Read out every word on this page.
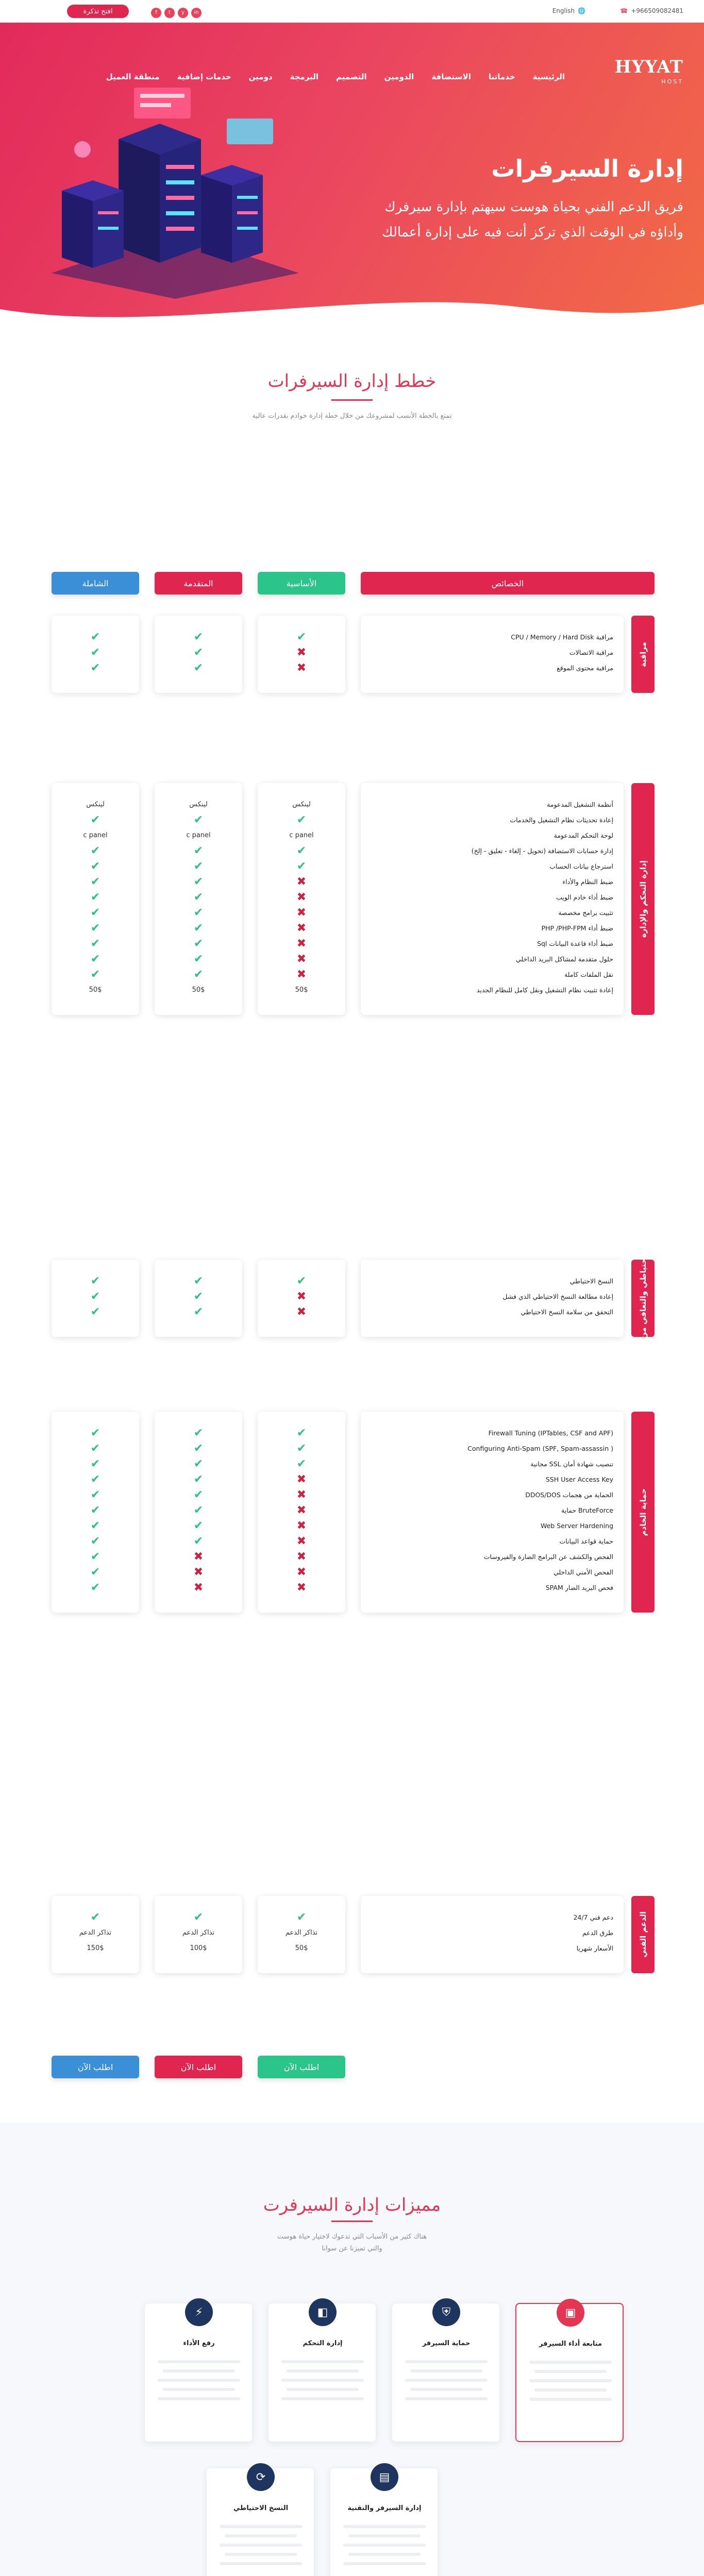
☎ +966509082481
🌐
English
f t y in
افتح تذكرة
HYYAT
HOST
الرئيسية
خدماتنا
الاستضافة
الدومين
التصميم
البرمجة
دومين
خدمات إضافية
منطقة العميل
إدارة السيرفرات
فريق الدعم الفني بحياة هوست سيهتم بإدارة سيرفرك وأداؤه في الوقت الذي تركز أنت فيه على إدارة أعمالك
خطط إدارة السيرفرات
تمتع بالخطة الأنسب لمشروعك من خلال خطة إدارة خوادم بقدرات عالية
الخصائص
الأساسية
المتقدمة
الشاملة
مراقبة
مراقبة CPU / Memory / Hard Disk
✔
✔
✔
مراقبة الاتصالات
✖
✔
✔
مراقبة محتوى الموقع
✖
✔
✔
إدارة التحكم والإدارة
أنظمة التشغيل المدعومة
لينكس
لينكس
لينكس
إعادة تحديثات نظام التشغيل والخدمات
✔
✔
✔
لوحة التحكم المدعومة
c panel
c panel
c panel
إدارة حسابات الاستضافة (تحويل - إلغاء - تعليق - إلخ)
✔
✔
✔
استرجاع بيانات الحساب
✔
✔
✔
ضبط النظام والأداء
✖
✔
✔
ضبط أداء خادم الويب
✖
✔
✔
تثبيت برامج مخصصة
✖
✔
✔
ضبط أداء PHP /PHP-FPM
✖
✔
✔
ضبط أداء قاعدة البيانات Sql
✖
✔
✔
حلول متقدمة لمشاكل البريد الداخلي
✖
✔
✔
نقل الملفات كاملة
✖
✔
✔
إعادة تثبيت نظام التشغيل ونقل كامل للنظام الجديد
50$
50$
50$
النسخ الاحتياطي والتعافي من الكوارث
النسخ الاحتياطي
✔
✔
✔
إعادة مطالعة النسخ الاحتياطي الذي فشل
✖
✔
✔
التحقق من سلامة النسخ الاحتياطي
✖
✔
✔
حماية الخادم
Firewall Tuning (IPTables, CSF and APF)
✔
✔
✔
Configuring Anti-Spam (SPF, Spam-assassin )
✔
✔
✔
تنصيب شهادة أمان SSL مجانية
✔
✔
✔
SSH User Access Key
✖
✔
✔
الحماية من هجمات DDOS/DOS
✖
✔
✔
BruteForce حماية
✖
✔
✔
Web Server Hardening
✖
✔
✔
حماية قواعد البيانات
✖
✔
✔
الفحص والكشف عن البرامج الضارة والفيروسات
✖
✖
✔
الفحص الأمني الداخلي
✖
✖
✔
فحص البريد الضار SPAM
✖
✖
✔
الدعم الفني
دعم فني 24/7
✔
✔
✔
طرق الدعم
تذاكر الدعم
تذاكر الدعم
تذاكر الدعم
الأسعار شهريا
50$
100$
150$
اطلب الآن
اطلب الآن
اطلب الآن
مميزات إدارة السيرفرت
هناك كثير من الأسباب التي تدعوك لاختيار حياة هوست والتي تميزنا عن سوانا
▣
متابعة أداء السيرفر
⛨
حماية السيرفر
◧
إدارة التحكم
⚡
رفع الأداء
▤
إدارة السيرفر والتقنية
⟳
النسخ الاحتياطي
